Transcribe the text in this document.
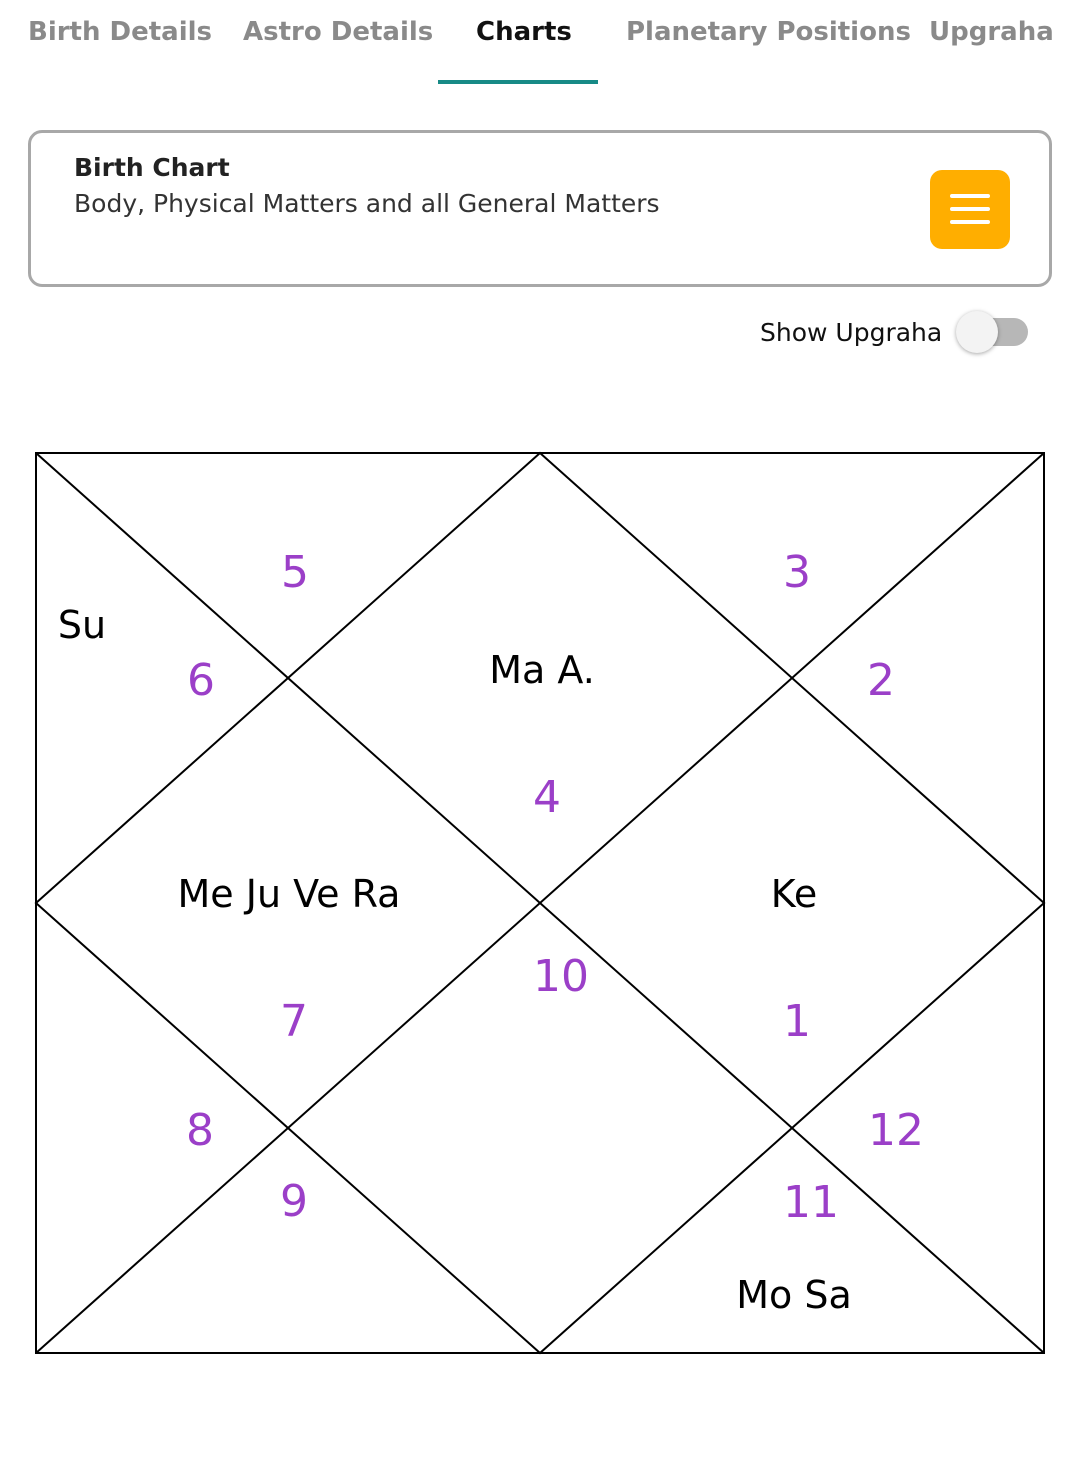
Birth Details Astro Details Charts Planetary Positions Upgraha
Birth Chart
Body, Physical Matters and all General Matters
Show Upgraha
4
5
6
7
8
9
10
11
12
1
2
3
Ma A.
Su
Me Ju Ve Ra	Ke
Mo Sa
